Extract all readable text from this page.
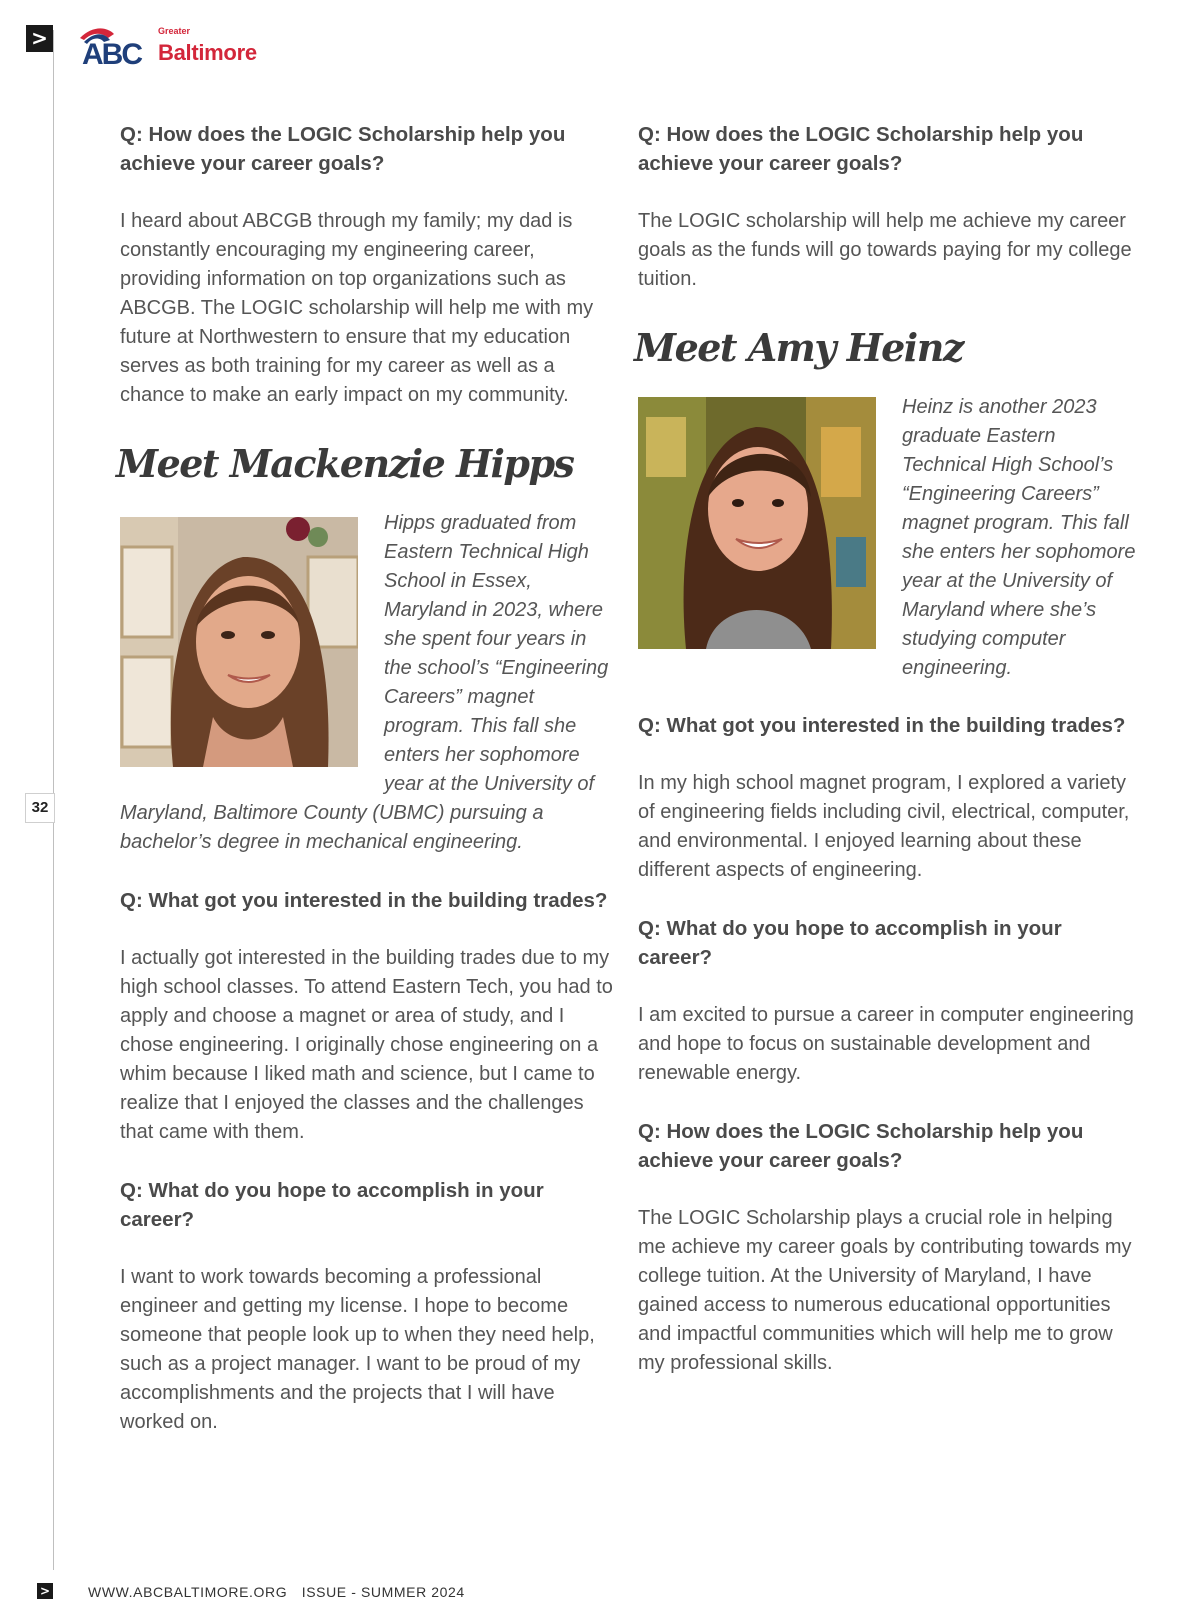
>
32
>
ABC
Greater
Baltimore

Q: How does the LOGIC Scholarship help you achieve your career goals?

I heard about ABCGB through my family; my dad is constantly encouraging my engineering career, providing information on top organizations such as ABCGB. The LOGIC scholarship will help me with my future at Northwestern to ensure that my education serves as both training for my career as well as a chance to make an early impact on my community.

Meet Mackenzie Hipps

Hipps graduated from Eastern Technical High School in Essex, Maryland in 2023, where she spent four years in the school’s “Engineering Careers” magnet program. This fall she enters her sophomore year at the University of Maryland, Baltimore County (UBMC) pursuing a bachelor’s degree in mechanical engineering.

Q: What got you interested in the building trades?

I actually got interested in the building trades due to my high school classes. To attend Eastern Tech, you had to apply and choose a magnet or area of study, and I chose engineering. I originally chose engineering on a whim because I liked math and science, but I came to realize that I enjoyed the classes and the challenges that came with them.

Q: What do you hope to accomplish in your career?

I want to work towards becoming a professional engineer and getting my license. I hope to become someone that people look up to when they need help, such as a project manager. I want to be proud of my accomplishments and the projects that I will have worked on.

Q: How does the LOGIC Scholarship help you achieve your career goals?

The LOGIC scholarship will help me achieve my career goals as the funds will go towards paying for my college tuition.

Meet Amy Heinz

Heinz is another 2023 graduate Eastern Technical High School’s “Engineering Careers” magnet program. This fall she enters her sophomore year at the University of Maryland where she’s studying computer engineering.

Q: What got you interested in the building trades?

In my high school magnet program, I explored a variety of engineering fields including civil, electrical, computer, and environmental. I enjoyed learning about these different aspects of engineering.

Q: What do you hope to accomplish in your career?

I am excited to pursue a career in computer engineering and hope to focus on sustainable development and renewable energy.

Q: How does the LOGIC Scholarship help you achieve your career goals?

The LOGIC Scholarship plays a crucial role in helping me achieve my career goals by contributing towards my college tuition. At the University of Maryland, I have gained access to numerous educational opportunities and impactful communities which will help me to grow my professional skills.

WWW.ABCBALTIMORE.ORG ISSUE - SUMMER 2024
